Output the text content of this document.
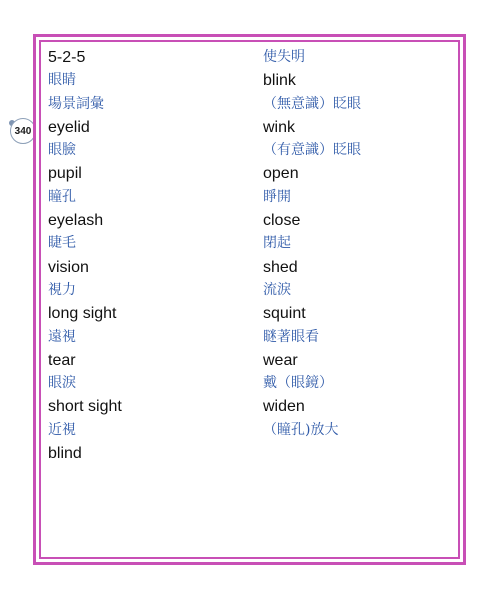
340
5-2-5
眼睛
場景詞彙
eyelid
眼臉
pupil
瞳孔
eyelash
睫毛
vision
視力
long sight
遠視
tear
眼淚
short sight
近視
blind
使失明
blink
（無意識）眨眼
wink
（有意識）眨眼
open
睜開
close
閉起
shed
流淚
squint
瞇著眼看
wear
戴（眼鏡）
widen
（瞳孔)放大
